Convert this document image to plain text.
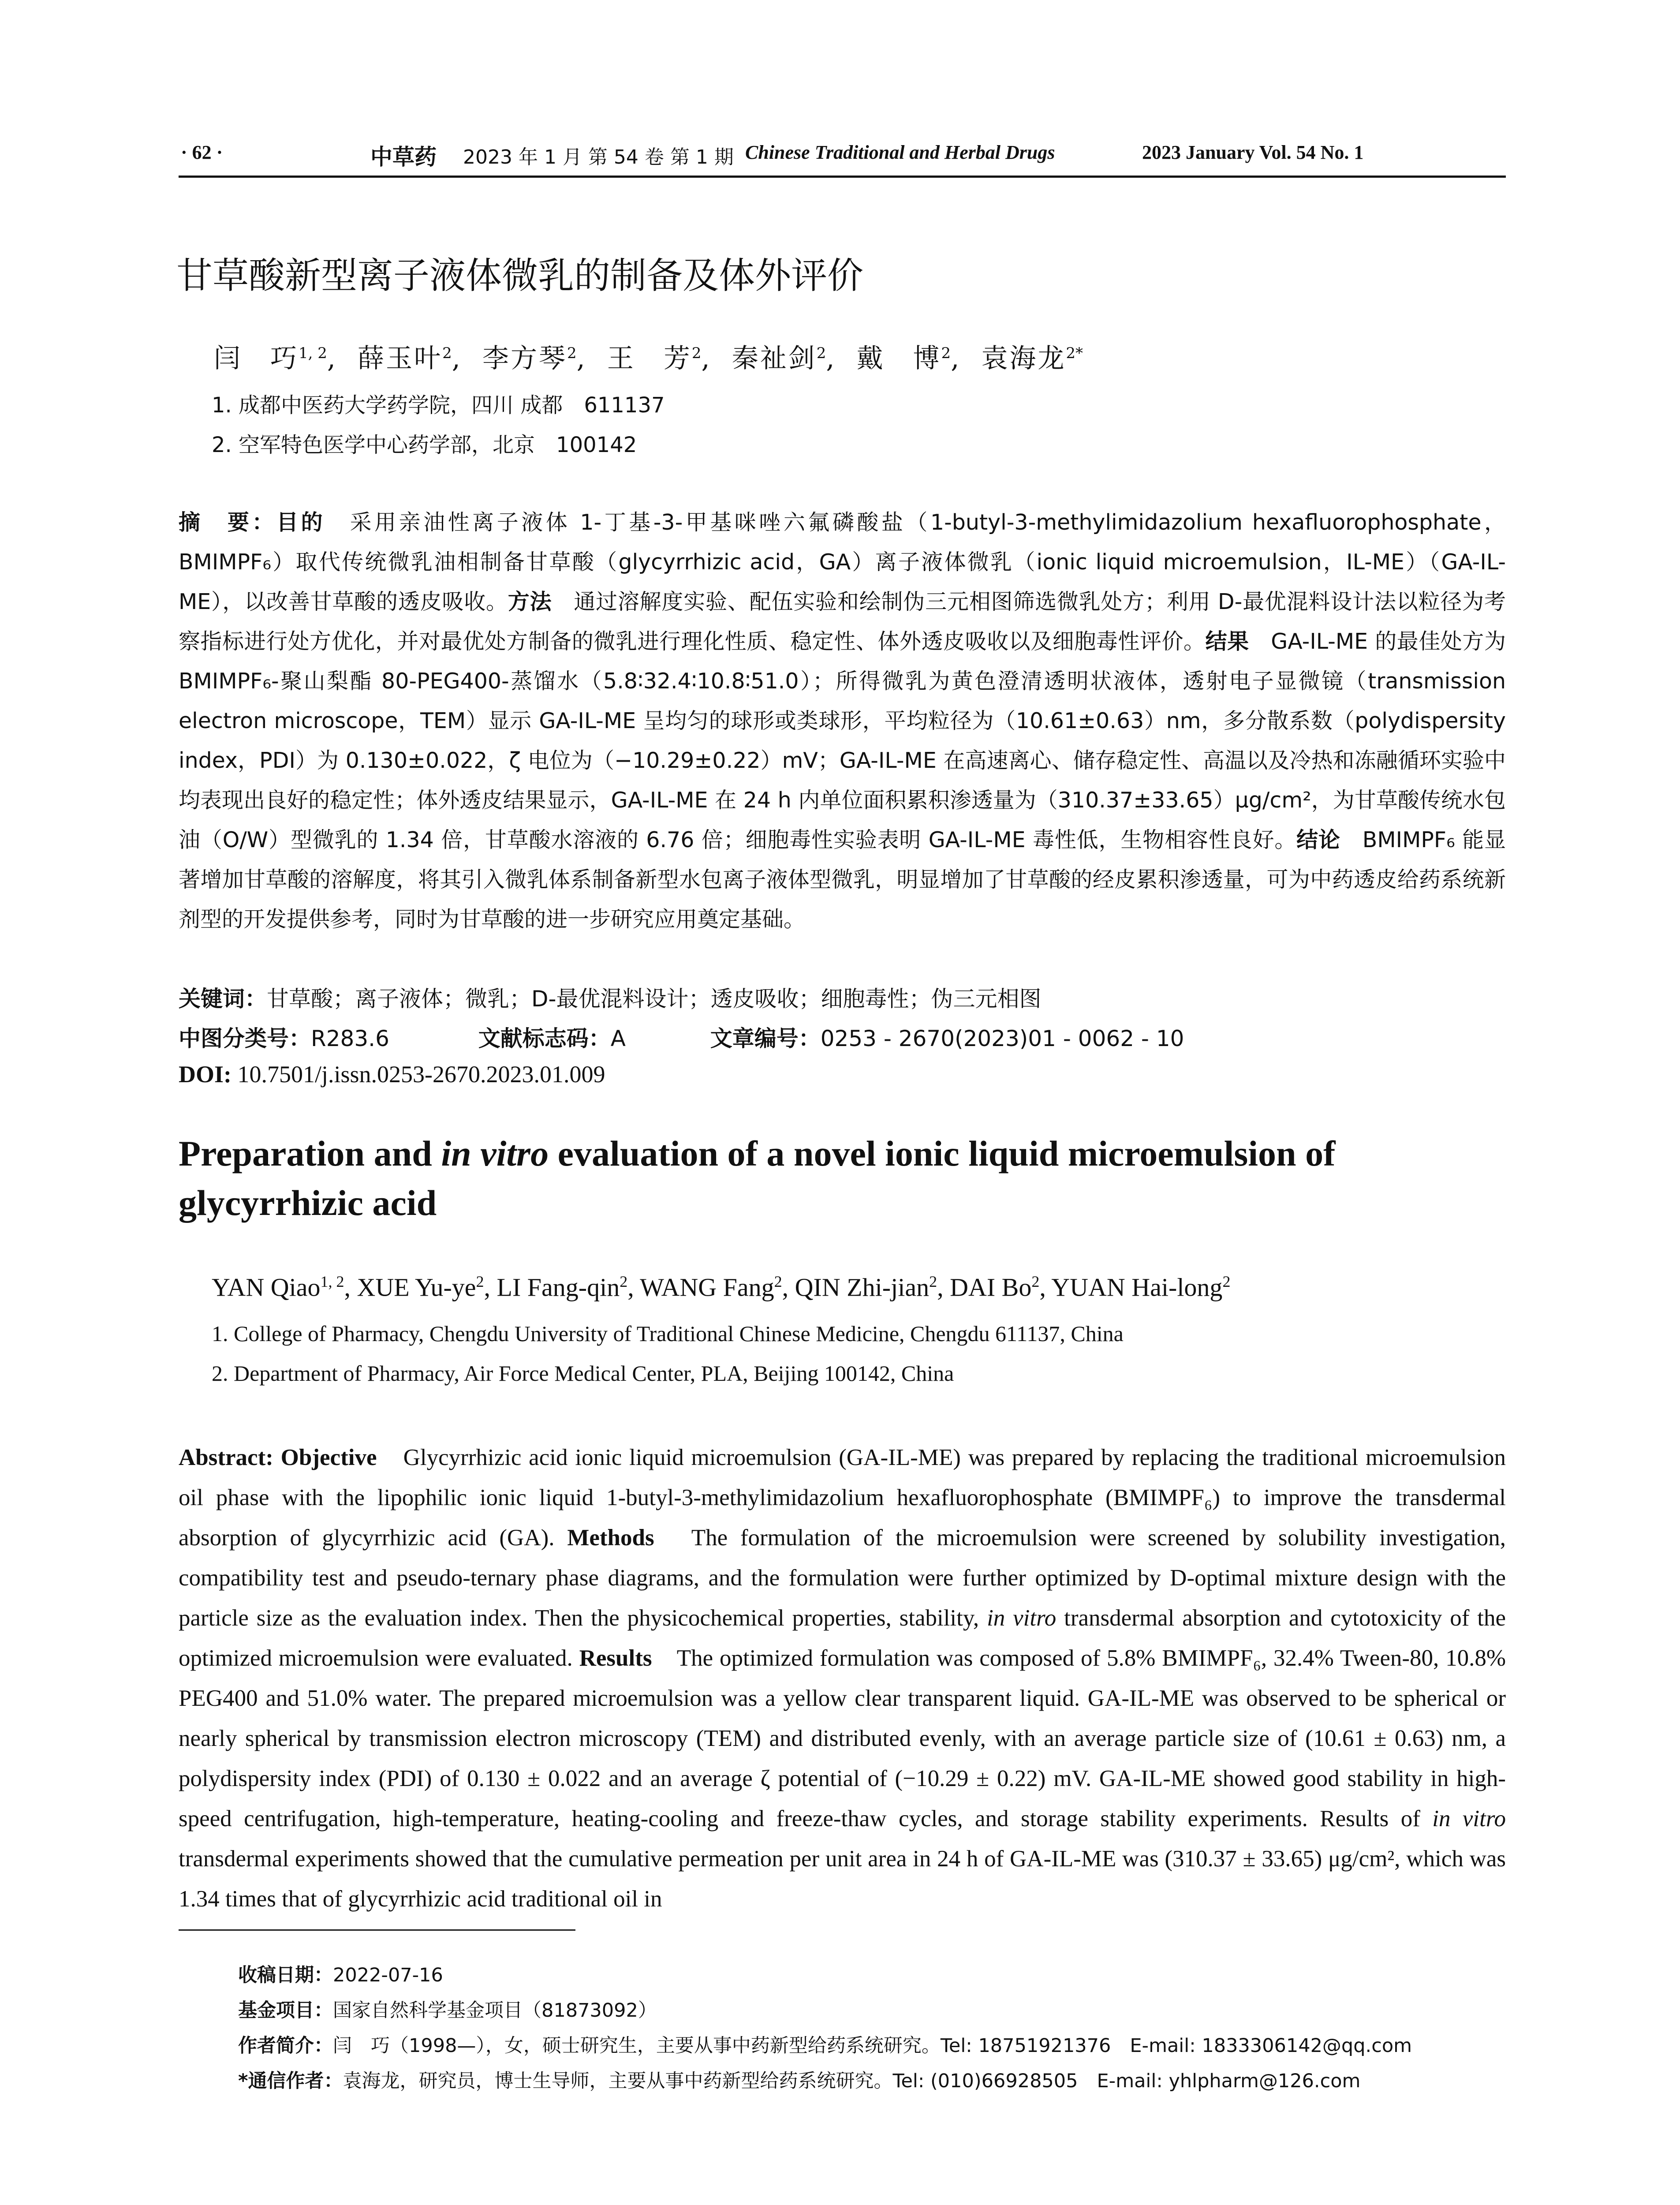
· 62 ·	中草药 2023 年 1 月 第 54 卷 第 1 期 Chinese Traditional and Herbal Drugs	2023 January Vol. 54 No. 1
甘草酸新型离子液体微乳的制备及体外评价
闫　巧$^{1, 2}$,  薛玉叶$^2$,  李方琴$^2$,  王　芳$^2$,  秦祉剑$^2$,  戴　博$^2$,  袁海龙$^{2*}$
1. 成都中医药大学药学院，四川 成都　611137
2. 空军特色医学中心药学部，北京　100142
摘　要：目的　采用亲油性离子液体 1-丁基-3-甲基咪唑六氟磷酸盐（1-butyl-3-methylimidazolium hexafluorophosphate，BMIMPF₆）取代传统微乳油相制备甘草酸（glycyrrhizic acid，GA）离子液体微乳（ionic liquid microemulsion，IL-ME）（GA-IL-ME），以改善甘草酸的透皮吸收。方法　通过溶解度实验、配伍实验和绘制伪三元相图筛选微乳处方；利用 D-最优混料设计法以粒径为考察指标进行处方优化，并对最优处方制备的微乳进行理化性质、稳定性、体外透皮吸收以及细胞毒性评价。结果　GA-IL-ME 的最佳处方为 BMIMPF₆-聚山梨酯 80-PEG400-蒸馏水（5.8∶32.4∶10.8∶51.0）；所得微乳为黄色澄清透明状液体，透射电子显微镜（transmission electron microscope，TEM）显示 GA-IL-ME 呈均匀的球形或类球形，平均粒径为（10.61±0.63）nm，多分散系数（polydispersity index，PDI）为 0.130±0.022，ζ 电位为（−10.29±0.22）mV；GA-IL-ME 在高速离心、储存稳定性、高温以及冷热和冻融循环实验中均表现出良好的稳定性；体外透皮结果显示，GA-IL-ME 在 24 h 内单位面积累积渗透量为（310.37±33.65）μg/cm²，为甘草酸传统水包油（O/W）型微乳的 1.34 倍，甘草酸水溶液的 6.76 倍；细胞毒性实验表明 GA-IL-ME 毒性低，生物相容性良好。结论　BMIMPF₆ 能显著增加甘草酸的溶解度，将其引入微乳体系制备新型水包离子液体型微乳，明显增加了甘草酸的经皮累积渗透量，可为中药透皮给药系统新剂型的开发提供参考，同时为甘草酸的进一步研究应用奠定基础。
关键词：甘草酸；离子液体；微乳；D-最优混料设计；透皮吸收；细胞毒性；伪三元相图
中图分类号：R283.6	文献标志码：A	文章编号：0253 - 2670(2023)01 - 0062 - 10
DOI: 10.7501/j.issn.0253-2670.2023.01.009
Preparation and in vitro evaluation of a novel ionic liquid microemulsion of glycyrrhizic acid
YAN Qiao$^{1, 2}$, XUE $Yu-ye^2$, LI Fang-qin$^2$, WANG Fang$^2$, QIN Zhi-jian$^2$, DAI Bo$^2$, YUAN Hai-long$^2$
1. College of Pharmacy, Chengdu University of Traditional Chinese Medicine, Chengdu 611137, China
2. Department of Pharmacy, Air Force Medical Center, PLA, Beijing 100142, China
Abstract: Objective　Glycyrrhizic acid ionic liquid microemulsion (GA-IL-ME) was prepared by replacing the traditional microemulsion oil phase with the lipophilic ionic liquid 1-butyl-3-methylimidazolium hexafluorophosphate (BMIMPF₆) to improve the transdermal absorption of glycyrrhizic acid (GA). Methods　The formulation of the microemulsion were screened by solubility investigation, compatibility test and pseudo-ternary phase diagrams, and the formulation were further optimized by D-optimal mixture design with the particle size as the evaluation index. Then the physicochemical properties, stability, in vitro transdermal absorption and cytotoxicity of the optimized microemulsion were evaluated. Results　The optimized formulation was composed of 5.8% BMIMPF₆, 32.4% Tween-80, 10.8% PEG400 and 51.0% water. The prepared microemulsion was a yellow clear transparent liquid. GA-IL-ME was observed to be spherical or nearly spherical by transmission electron microscopy (TEM) and distributed evenly, with an average particle size of (10.61 ± 0.63) nm, a polydispersity index (PDI) of 0.130 ± 0.022 and an average ζ potential of (−10.29 ± 0.22) mV. GA-IL-ME showed good stability in high-speed centrifugation, high-temperature, heating-cooling and freeze-thaw cycles, and storage stability experiments. Results of in vitro transdermal experiments showed that the cumulative permeation per unit area in 24 h of GA-IL-ME was (310.37 ± 33.65) μg/cm², which was 1.34 times that of glycyrrhizic acid traditional oil in
收稿日期：2022-07-16
基金项目：国家自然科学基金项目（81873092）
作者简介：闫　巧（1998—），女，硕士研究生，主要从事中药新型给药系统研究。Tel: 18751921376　E-mail: 1833306142@qq.com
*通信作者：袁海龙，研究员，博士生导师，主要从事中药新型给药系统研究。Tel: (010)66928505　E-mail: yhlpharm@126.com
